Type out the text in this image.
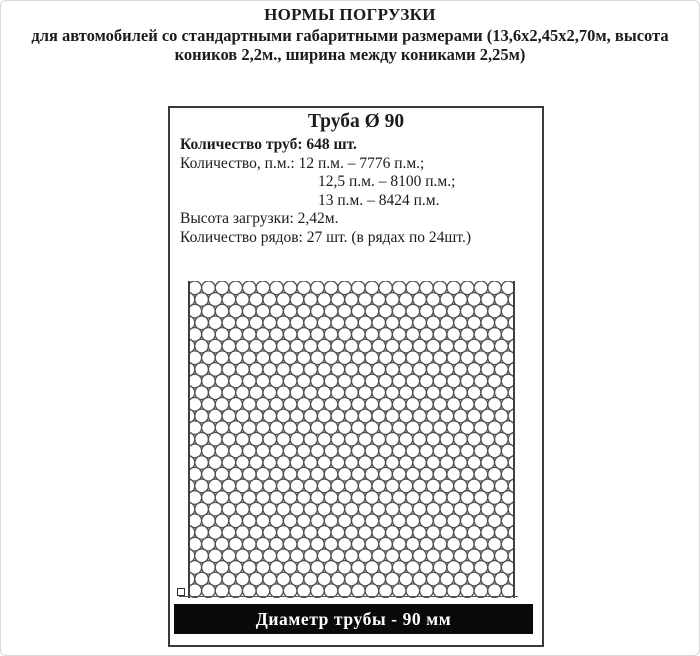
НОРМЫ ПОГРУЗКИ
для автомобилей со стандартными габаритными размерами (13,6х2,45х2,70м, высота
коников 2,2м., ширина между кониками 2,25м)
Труба Ø 90
Количество труб: 648 шт.
Количество, п.м.: 12 п.м. – 7776 п.м.;
12,5 п.м. – 8100 п.м.;
13 п.м. – 8424 п.м.
Высота загрузки: 2,42м.
Количество рядов: 27 шт. (в рядах по 24шт.)
Диаметр трубы - 90 мм
